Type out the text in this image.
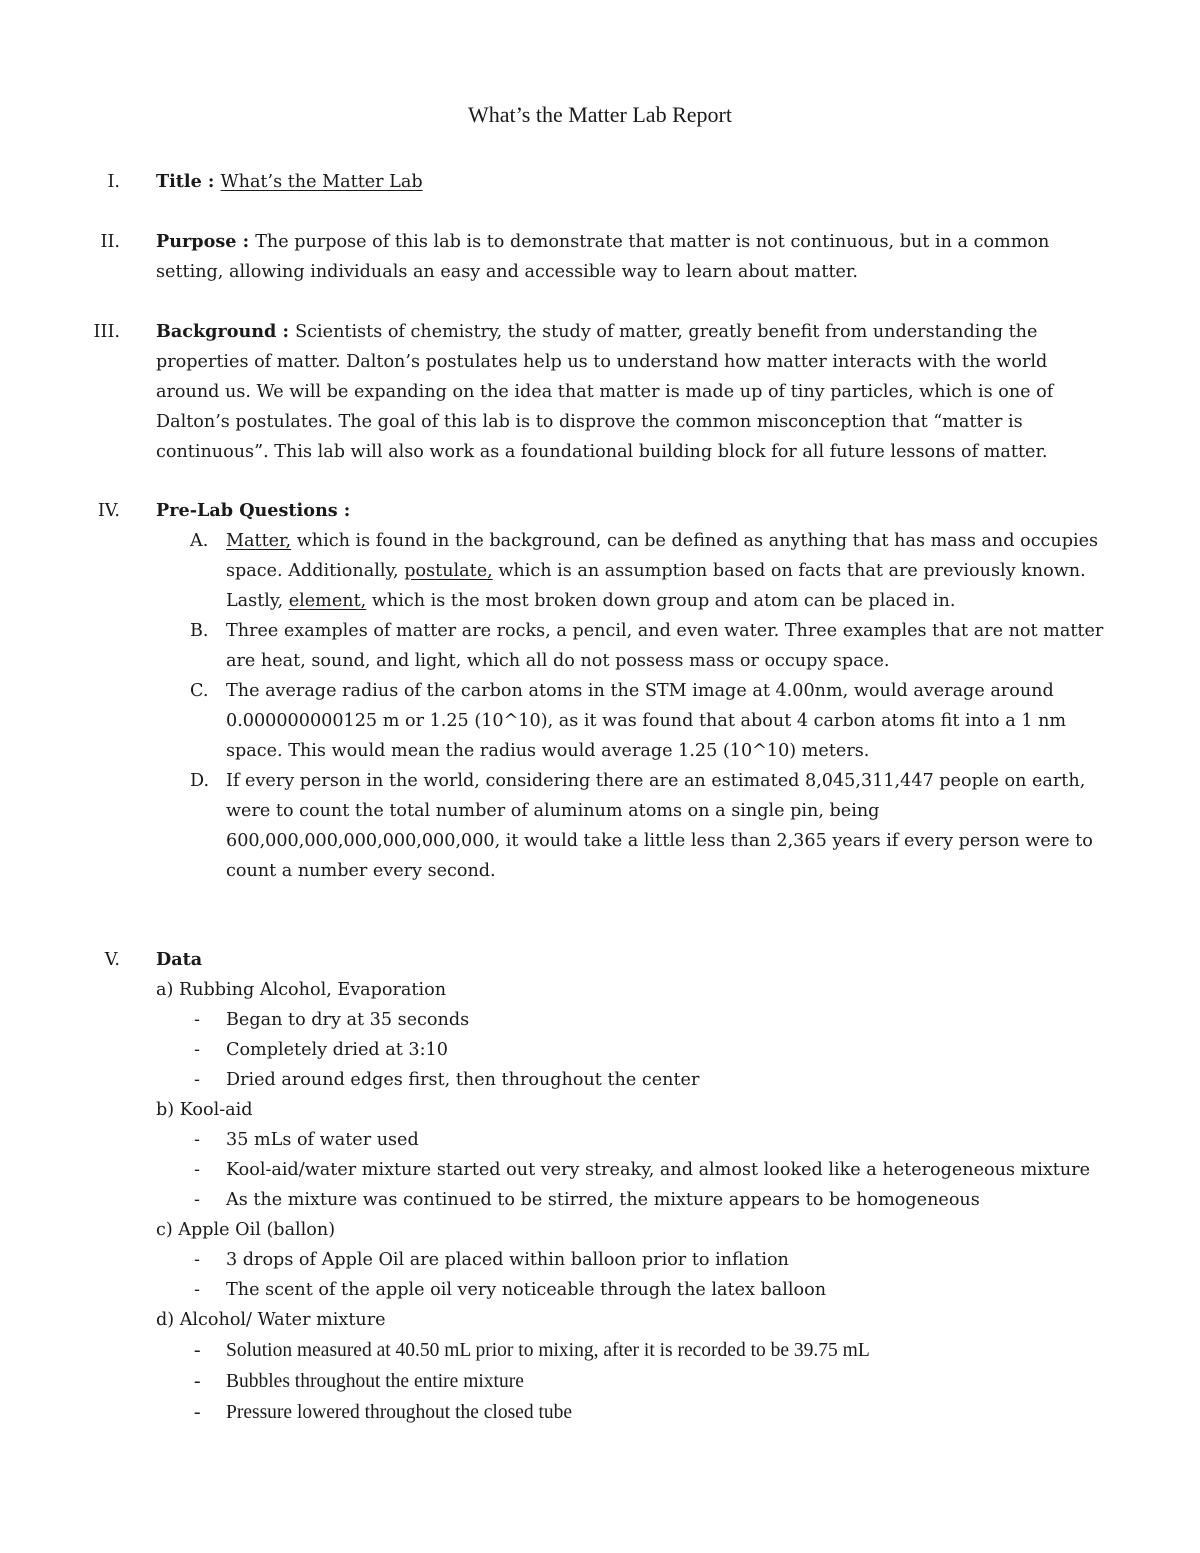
What’s the Matter Lab Report
I. Title : What’s the Matter Lab

II. Purpose : The purpose of this lab is to demonstrate that matter is not continuous, but in a common setting, allowing individuals an easy and accessible way to learn about matter.

III. Background : Scientists of chemistry, the study of matter, greatly benefit from understanding the properties of matter. Dalton’s postulates help us to understand how matter interacts with the world around us. We will be expanding on the idea that matter is made up of tiny particles, which is one of Dalton’s postulates. The goal of this lab is to disprove the common misconception that “matter is continuous”. This lab will also work as a foundational building block for all future lessons of matter.

IV. Pre-Lab Questions :

A.	Matter, which is found in the background, can be defined as anything that has mass and occupies space. Additionally, postulate, which is an assumption based on facts that are previously known. Lastly, element, which is the most broken down group and atom can be placed in.
B. Three examples of matter are rocks, a pencil, and even water. Three examples that are not matter are heat, sound, and light, which all do not possess mass or occupy space.
C. The average radius of the carbon atoms in the STM image at 4.00nm, would average around 0.000000000125 m or 1.25 (10^10), as it was found that about 4 carbon atoms fit into a 1 nm space. This would mean the radius would average 1.25 (10^10) meters.
D. If every person in the world, considering there are an estimated 8,045,311,447 people on earth, were to count the total number of aluminum atoms on a single pin, being 600,000,000,000,000,000,000, it would take a little less than 2,365 years if every person were to count a number every second.
V. Data

a) Rubbing Alcohol, Evaporation

- Began to dry at 35 seconds
- Completely dried at 3:10
- Dried around edges first, then throughout the center

b) Kool-aid

- 35 mLs of water used
- Kool-aid/water mixture started out very streaky, and almost looked like a heterogeneous mixture
- As the mixture was continued to be stirred, the mixture appears to be homogeneous

c) Apple Oil (ballon)

- 3 drops of Apple Oil are placed within balloon prior to inflation
- The scent of the apple oil very noticeable through the latex balloon

d) Alcohol/ Water mixture

- Solution measured at 40.50 mL prior to mixing, after it is recorded to be 39.75 mL
- Bubbles throughout the entire mixture
- Pressure lowered throughout the closed tube
